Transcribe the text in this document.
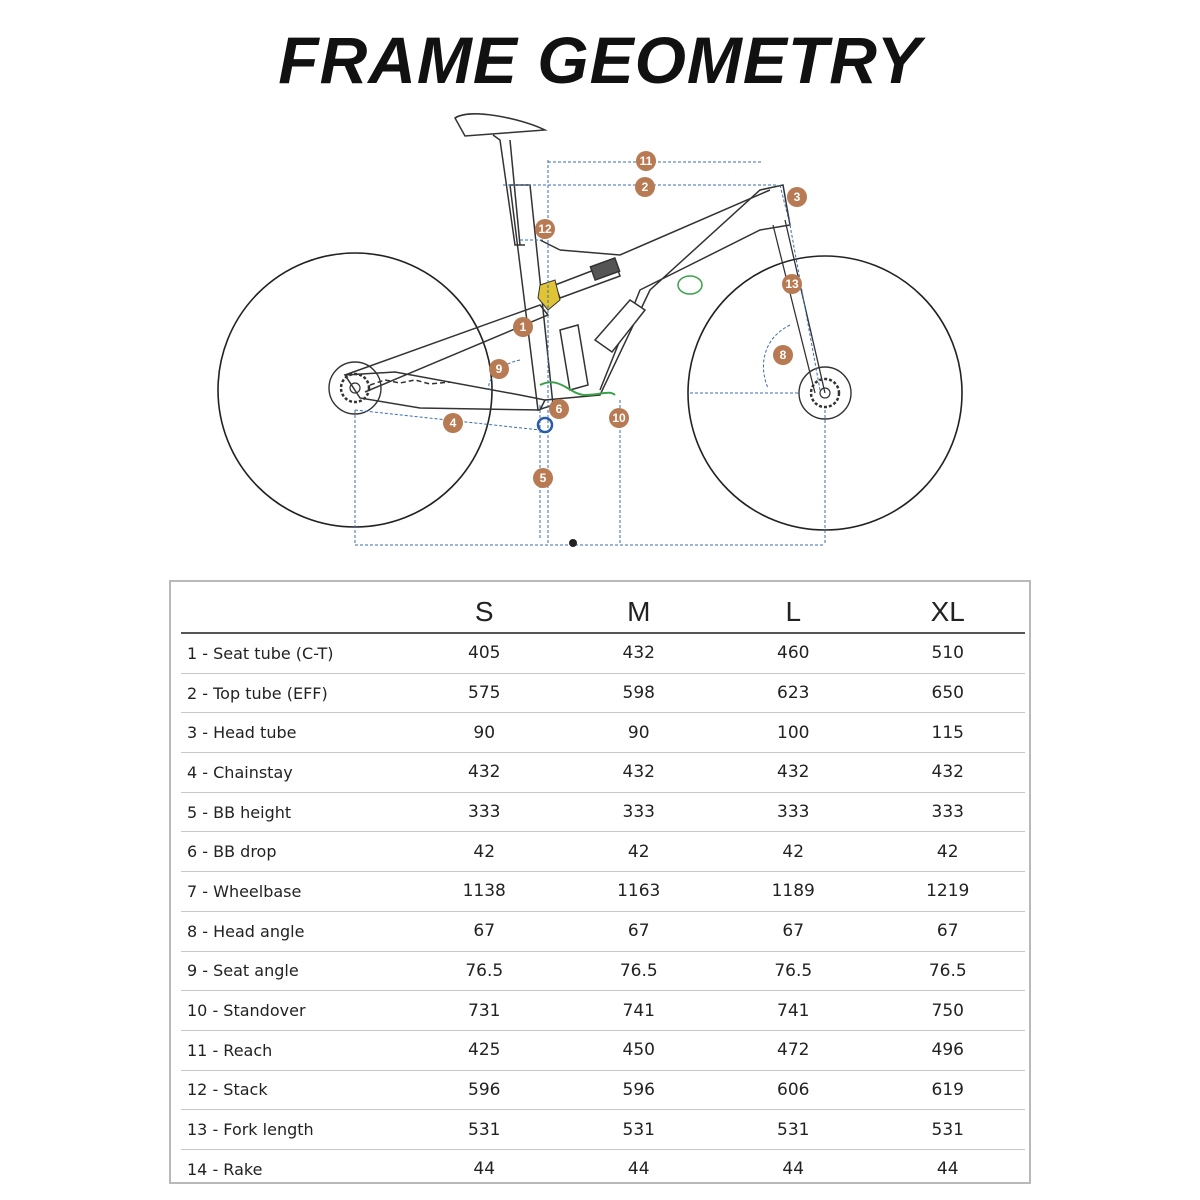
FRAME GEOMETRY
1
2
3
4
5
6
8
9
10
11
12
13
	S	M	L	XL
1 - Seat tube (C-T)	405	432	460	510
2 - Top tube (EFF)	575	598	623	650
3 - Head tube	90	90	100	115
4 - Chainstay	432	432	432	432
5 - BB height	333	333	333	333
6 - BB drop	42	42	42	42
7 - Wheelbase	1138	1163	1189	1219
8 - Head angle	67	67	67	67
9 - Seat angle	76.5	76.5	76.5	76.5
10 - Standover	731	741	741	750
11 - Reach	425	450	472	496
12 - Stack	596	596	606	619
13 - Fork length	531	531	531	531
14 - Rake	44	44	44	44
